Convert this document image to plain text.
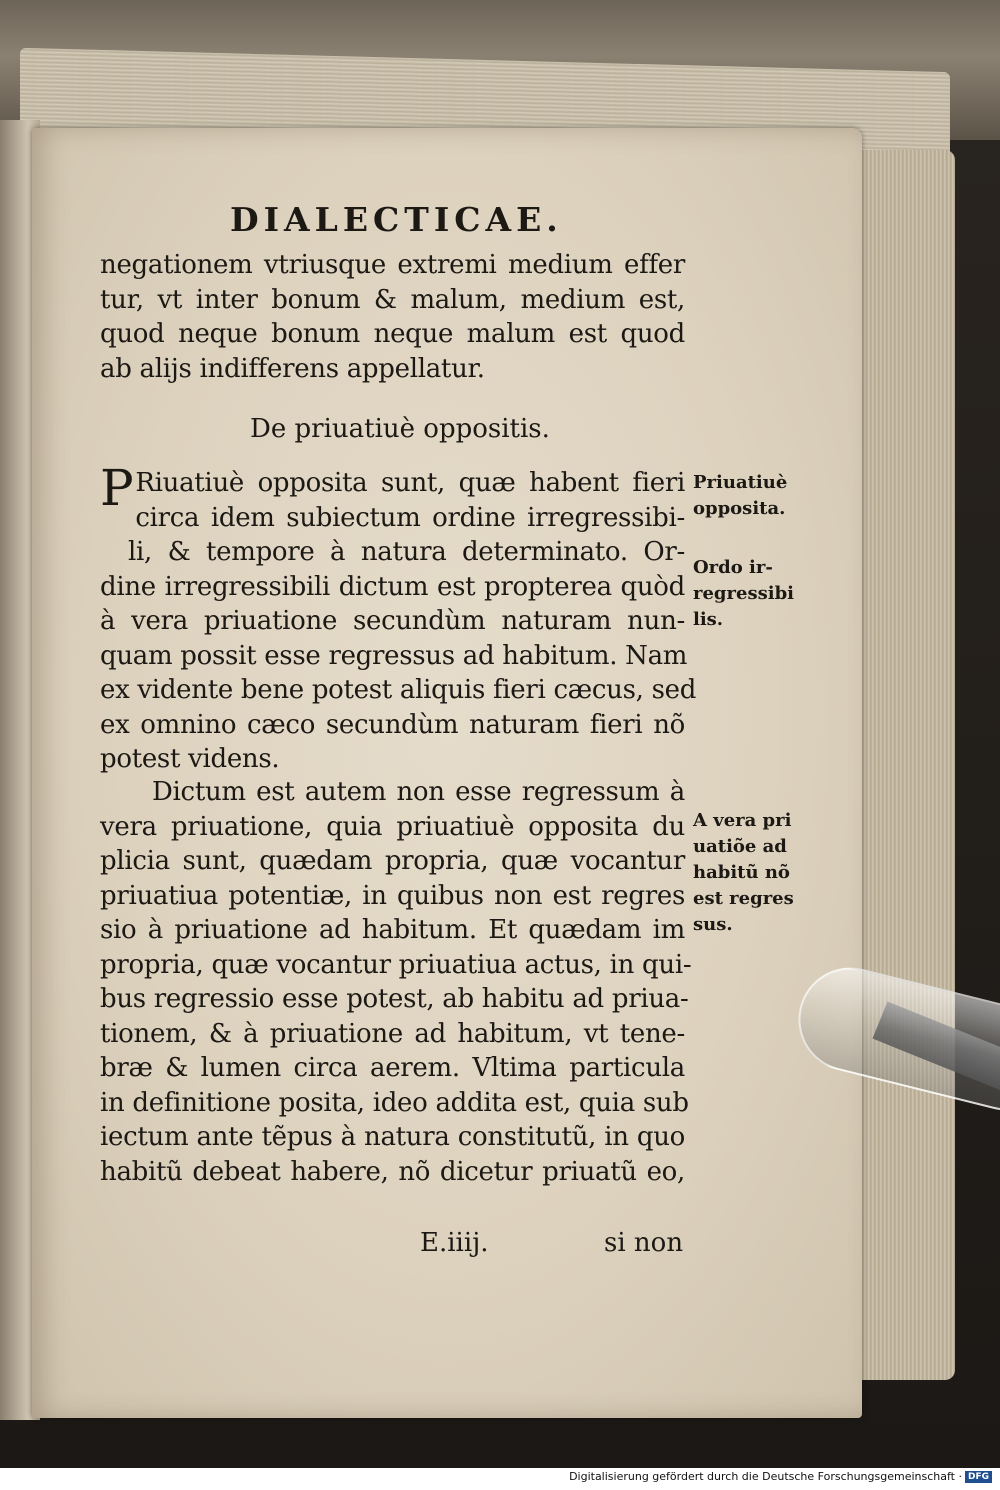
DIALECTICAE.
negationem vtriusque extremi medium effer
tur, vt inter bonum & malum, medium est,
quod neque bonum neque malum est quod
ab alijs indifferens appellatur.
De priuatiuè oppositis.
P Riuatiuè opposita sunt, quæ habent fieri
circa idem subiectum ordine irregressibi-
li, & tempore à natura determinato. Or-
dine irregressibili dictum est propterea quòd
à vera priuatione secundùm naturam nun-
quam possit esse regressus ad habitum. Nam
ex vidente bene potest aliquis fieri cæcus, sed
ex omnino cæco secundùm naturam fieri nõ
potest videns.
Dictum est autem non esse regressum à
vera priuatione, quia priuatiuè opposita du
plicia sunt, quædam propria, quæ vocantur
priuatiua potentiæ, in quibus non est regres
sio à priuatione ad habitum. Et quædam im
propria, quæ vocantur priuatiua actus, in qui-
bus regressio esse potest, ab habitu ad priua-
tionem, & à priuatione ad habitum, vt tene-
bræ & lumen circa aerem. Vltima particula
in definitione posita, ideo addita est, quia sub
iectum ante tẽpus à natura constitutũ, in quo
habitũ debeat habere, nõ dicetur priuatũ eo,
E.iiij.	si non
Priuatiuè
opposita.
Ordo ir-
regressibi
lis.
A vera pri
uatiõe ad
habitũ nõ
est regres
sus.
Digitalisierung gefördert durch die Deutsche Forschungsgemeinschaft · DFG
